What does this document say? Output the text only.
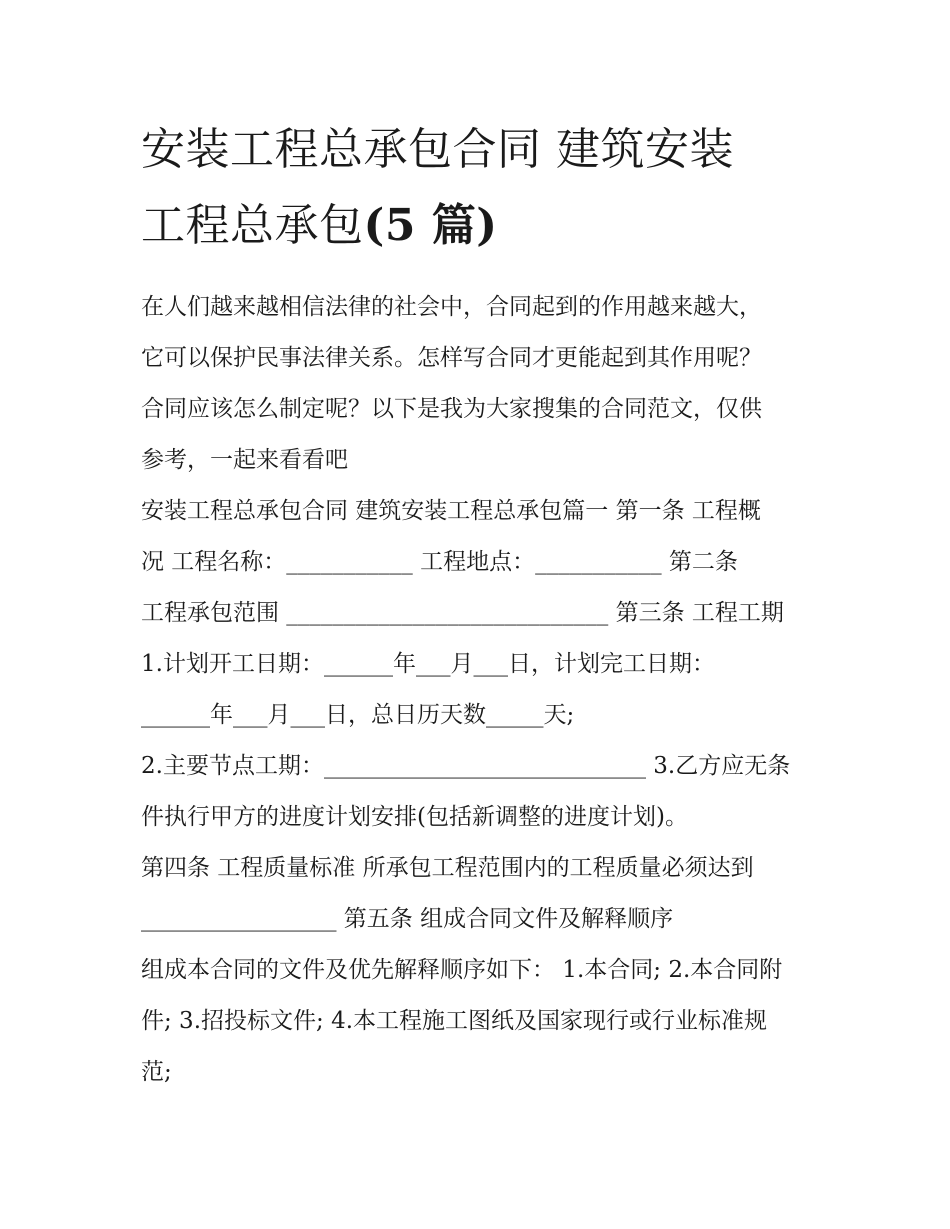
安装工程总承包合同 建筑安装
工程总承包(5 篇)

在人们越来越相信法律的社会中，合同起到的作用越来越大，
它可以保护民事法律关系。怎样写合同才更能起到其作用呢？
合同应该怎么制定呢？以下是我为大家搜集的合同范文，仅供
参考，一起来看看吧

安装工程总承包合同 建筑安装工程总承包篇一 第一条 工程概
况 工程名称：___________ 工程地点：___________ 第二条
工程承包范围 ____________________________ 第三条 工程工期
1.计划开工日期：______年___月___日，计划完工日期：
______年___月___日，总日历天数_____天;
2.主要节点工期：____________________________ 3.乙方应无条
件执行甲方的进度计划安排(包括新调整的进度计划)。
第四条 工程质量标准 所承包工程范围内的工程质量必须达到
_________________ 第五条 组成合同文件及解释顺序
组成本合同的文件及优先解释顺序如下： 1.本合同; 2.本合同附
件; 3.招投标文件; 4.本工程施工图纸及国家现行或行业标准规
范;
